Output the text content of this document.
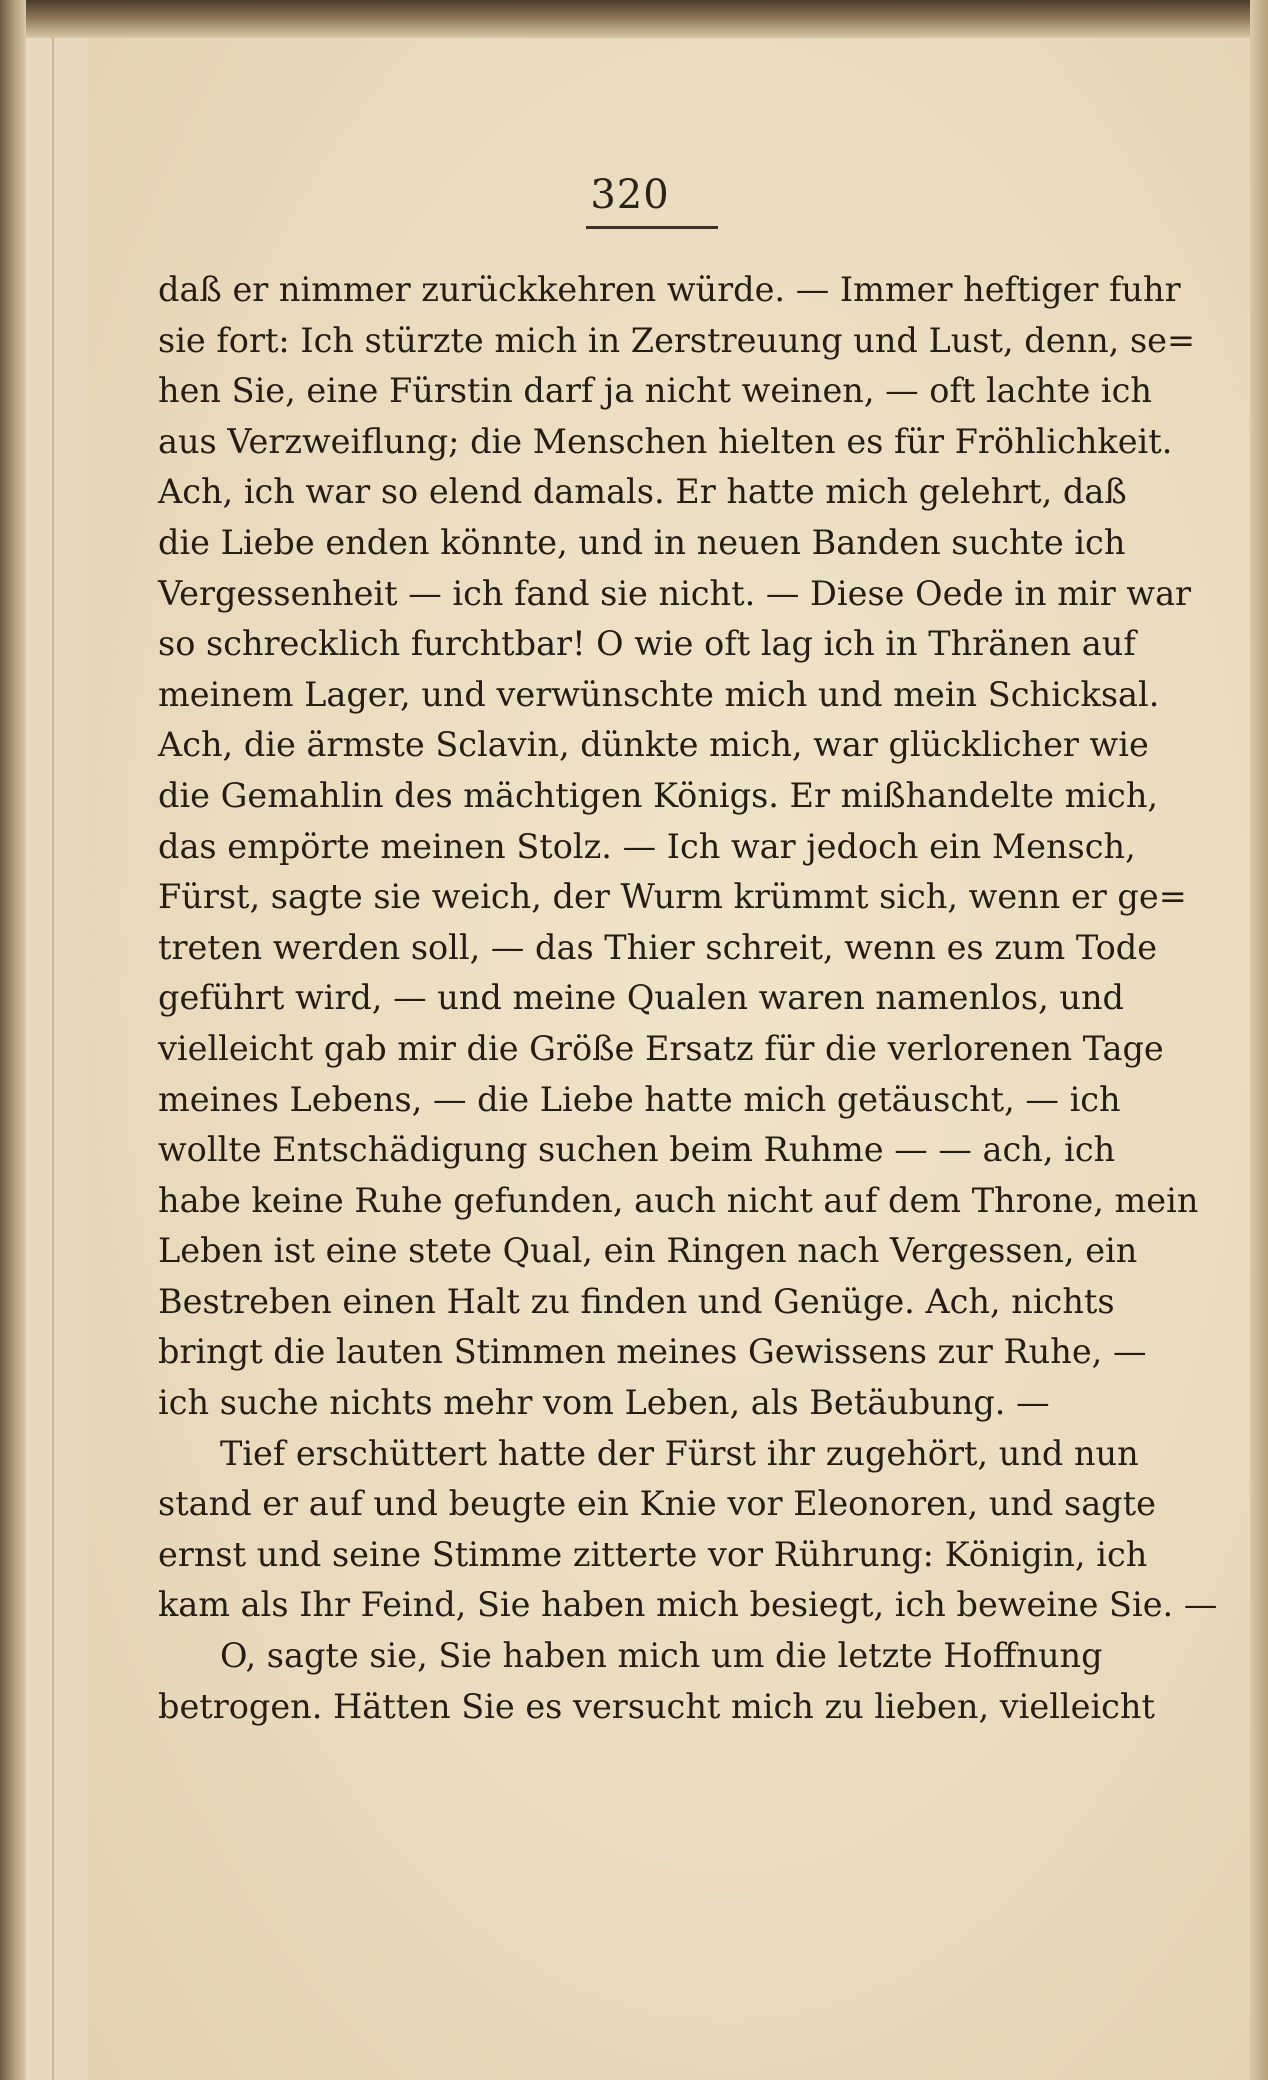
320
daß er nimmer zurückkehren würde. — Immer heftiger fuhr
sie fort: Ich stürzte mich in Zerstreuung und Lust, denn, se=
hen Sie, eine Fürstin darf ja nicht weinen, — oft lachte ich
aus Verzweiflung; die Menschen hielten es für Fröhlichkeit.
Ach, ich war so elend damals. Er hatte mich gelehrt, daß
die Liebe enden könnte, und in neuen Banden suchte ich
Vergessenheit — ich fand sie nicht. — Diese Oede in mir war
so schrecklich furchtbar! O wie oft lag ich in Thränen auf
meinem Lager, und verwünschte mich und mein Schicksal.
Ach, die ärmste Sclavin, dünkte mich, war glücklicher wie
die Gemahlin des mächtigen Königs. Er mißhandelte mich,
das empörte meinen Stolz. — Ich war jedoch ein Mensch,
Fürst, sagte sie weich, der Wurm krümmt sich, wenn er ge=
treten werden soll, — das Thier schreit, wenn es zum Tode
geführt wird, — und meine Qualen waren namenlos, und
vielleicht gab mir die Größe Ersatz für die verlorenen Tage
meines Lebens, — die Liebe hatte mich getäuscht, — ich
wollte Entschädigung suchen beim Ruhme — — ach, ich
habe keine Ruhe gefunden, auch nicht auf dem Throne, mein
Leben ist eine stete Qual, ein Ringen nach Vergessen, ein
Bestreben einen Halt zu finden und Genüge. Ach, nichts
bringt die lauten Stimmen meines Gewissens zur Ruhe, —
ich suche nichts mehr vom Leben, als Betäubung. —
Tief erschüttert hatte der Fürst ihr zugehört, und nun
stand er auf und beugte ein Knie vor Eleonoren, und sagte
ernst und seine Stimme zitterte vor Rührung: Königin, ich
kam als Ihr Feind, Sie haben mich besiegt, ich beweine Sie. —
O, sagte sie, Sie haben mich um die letzte Hoffnung
betrogen. Hätten Sie es versucht mich zu lieben, vielleicht
